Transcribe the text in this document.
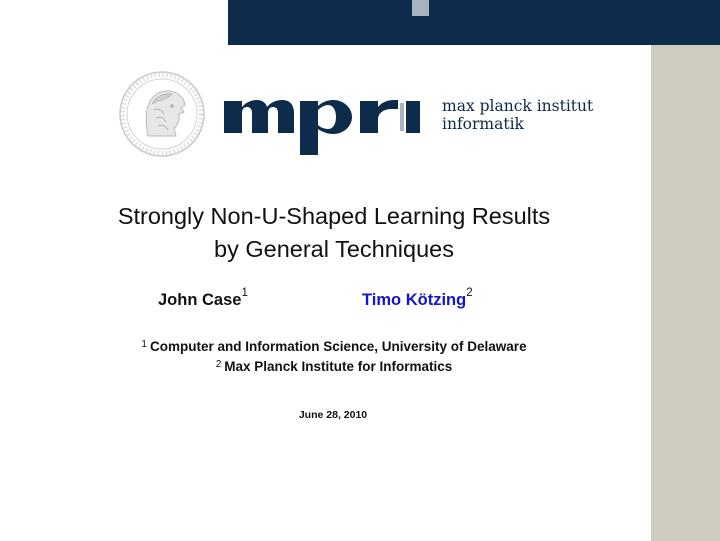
max planck institut
informatik
Strongly Non-U-Shaped Learning Results
by General Techniques
John Case$^1$	Timo Kötzing$^2$
$^1$ Computer and Information Science, University of Delaware
$^2$ Max Planck Institute for Informatics
June 28, 2010
